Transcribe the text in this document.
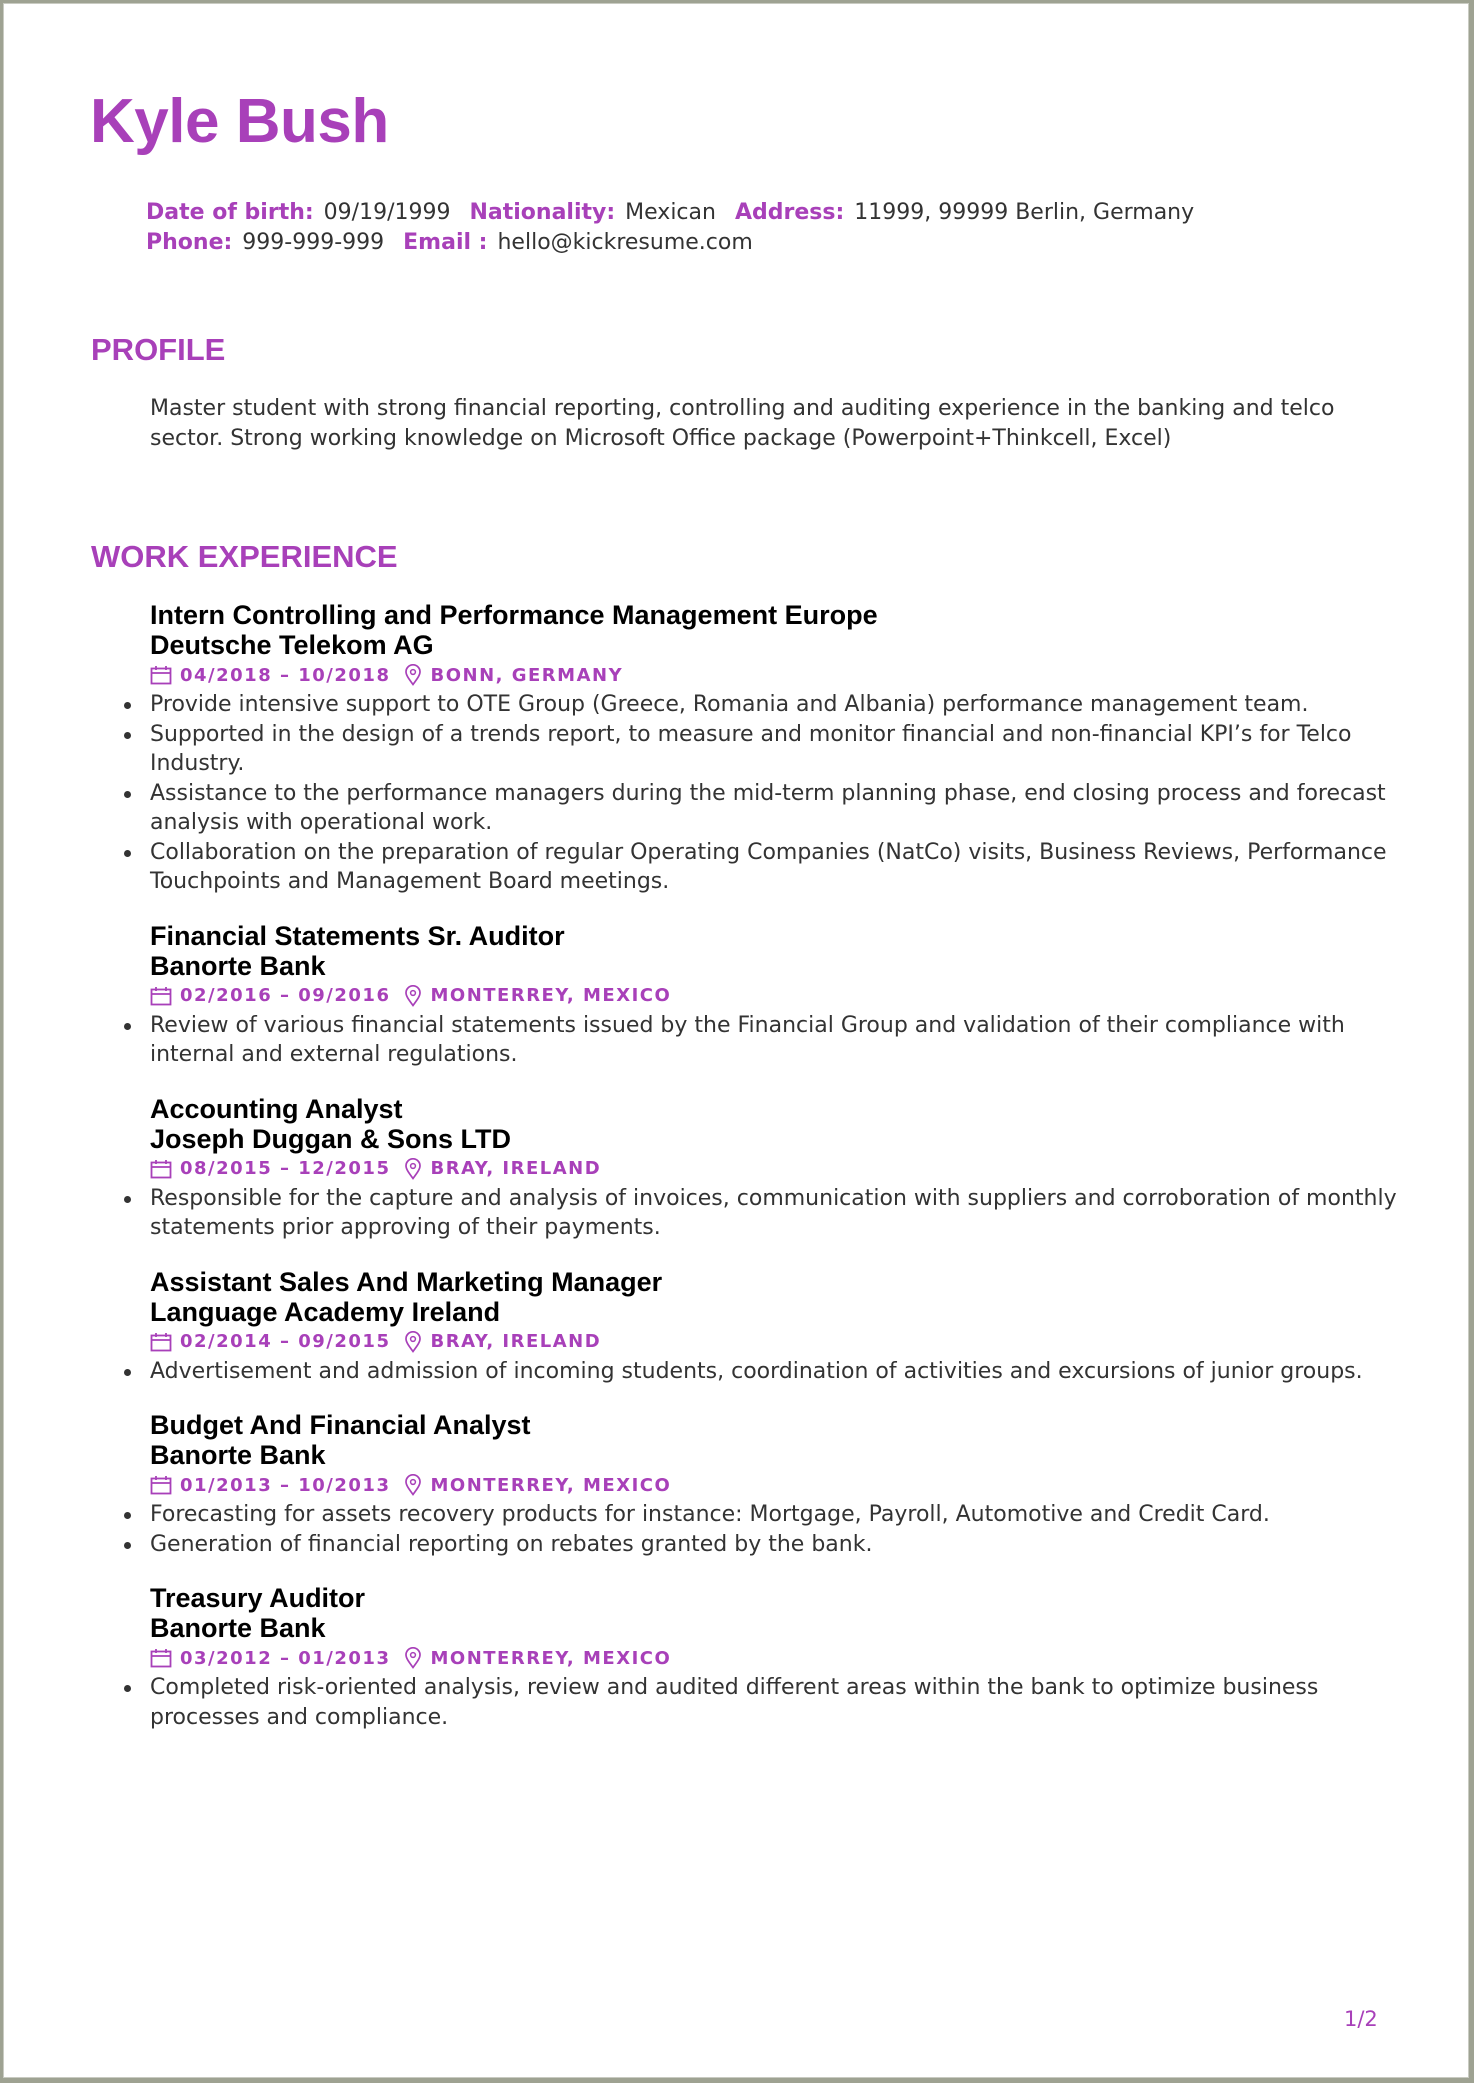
Kyle Bush
Date of birth: 09/19/1999 Nationality: Mexican Address: 11999, 99999 Berlin, Germany
Phone: 999-999-999 Email : hello@kickresume.com
PROFILE

Master student with strong financial reporting, controlling and auditing experience in the banking and telco sector. Strong working knowledge on Microsoft Office package (Powerpoint+Thinkcell, Excel)

WORK EXPERIENCE
Intern Controlling and Performance Management Europe
Deutsche Telekom AG
04/2018 – 10/2018 BONN, GERMANY
Provide intensive support to OTE Group (Greece, Romania and Albania) performance management team.
Supported in the design of a trends report, to measure and monitor financial and non-financial KPI’s for Telco Industry.
Assistance to the performance managers during the mid-term planning phase, end closing process and forecast analysis with operational work.
Collaboration on the preparation of regular Operating Companies (NatCo) visits, Business Reviews, Performance Touchpoints and Management Board meetings.
Financial Statements Sr. Auditor
Banorte Bank
02/2016 – 09/2016 MONTERREY, MEXICO
Review of various financial statements issued by the Financial Group and validation of their compliance with internal and external regulations.
Accounting Analyst
Joseph Duggan & Sons LTD
08/2015 – 12/2015 BRAY, IRELAND
Responsible for the capture and analysis of invoices, communication with suppliers and corroboration of monthly statements prior approving of their payments.
Assistant Sales And Marketing Manager
Language Academy Ireland
02/2014 – 09/2015 BRAY, IRELAND
Advertisement and admission of incoming students, coordination of activities and excursions of junior groups.
Budget And Financial Analyst
Banorte Bank
01/2013 – 10/2013 MONTERREY, MEXICO
Forecasting for assets recovery products for instance: Mortgage, Payroll, Automotive and Credit Card.
Generation of financial reporting on rebates granted by the bank.
Treasury Auditor
Banorte Bank
03/2012 – 01/2013 MONTERREY, MEXICO
Completed risk-oriented analysis, review and audited different areas within the bank to optimize business processes and compliance.
1/2
